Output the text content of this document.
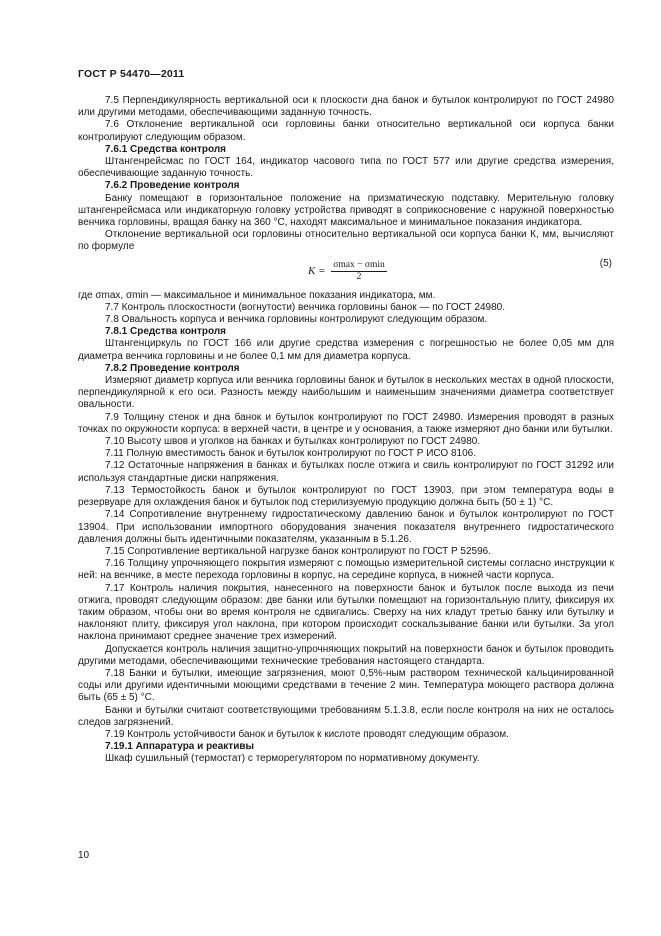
ГОСТ Р 54470—2011

7.5 Перпендикулярность вертикальной оси к плоскости дна банок и бутылок контролируют по ГОСТ 24980 или другими методами, обеспечивающими заданную точность.

7.6 Отклонение вертикальной оси горловины банки относительно вертикальной оси корпуса банки контролируют следующим образом.

7.6.1 Средства контроля

Штангенрейсмас по ГОСТ 164, индикатор часового типа по ГОСТ 577 или другие средства измерения, обеспечивающие заданную точность.

7.6.2 Проведение контроля

Банку помещают в горизонтальное положение на призматическую подставку. Мерительную головку штангенрейсмаса или индикаторную головку устройства приводят в соприкосновение с наружной поверхностью венчика горловины, вращая банку на 360 °С, находят максимальное и минимальное показания индикатора.

Отклонение вертикальной оси горловины относительно вертикальной оси корпуса банки К, мм, вычисляют по формуле

$K = \frac{\sigma\max - \sigma\min}{2}$	(5)

где σmax, σmin — максимальное и минимальное показания индикатора, мм.

7.7 Контроль плоскостности (вогнутости) венчика горловины банок — по ГОСТ 24980.

7.8 Овальность корпуса и венчика горловины контролируют следующим образом.

7.8.1 Средства контроля

Штангенциркуль по ГОСТ 166 или другие средства измерения с погрешностью не более 0,05 мм для диаметра венчика горловины и не более 0,1 мм для диаметра корпуса.

7.8.2 Проведение контроля

Измеряют диаметр корпуса или венчика горловины банок и бутылок в нескольких местах в одной плоскости, перпендикулярной к его оси. Разность между наибольшим и наименьшим значениями диаметра соответствует овальности.

7.9 Толщину стенок и дна банок и бутылок контролируют по ГОСТ 24980. Измерения проводят в разных точках по окружности корпуса: в верхней части, в центре и у основания, а также измеряют дно банки или бутылки.

7.10 Высоту швов и уголков на банках и бутылках контролируют по ГОСТ 24980.

7.11 Полную вместимость банок и бутылок контролируют по ГОСТ Р ИСО 8106.

7.12 Остаточные напряжения в банках и бутылках после отжига и свиль контролируют по ГОСТ 31292 или используя стандартные диски напряжения.

7.13 Термостойкость банок и бутылок контролируют по ГОСТ 13903, при этом температура воды в резервуаре для охлаждения банок и бутылок под стерилизуемую продукцию должна быть (50 ± 1) °С.

7.14 Сопротивление внутреннему гидростатическому давлению банок и бутылок контролируют по ГОСТ 13904. При использовании импортного оборудования значения показателя внутреннего гидростатического давления должны быть идентичными показателям, указанным в 5.1.26.

7.15 Сопротивление вертикальной нагрузке банок контролируют по ГОСТ Р 52596.

7.16 Толщину упрочняющего покрытия измеряют с помощью измерительной системы согласно инструкции к ней: на венчике, в месте перехода горловины в корпус, на середине корпуса, в нижней части корпуса.

7.17 Контроль наличия покрытия, нанесенного на поверхности банок и бутылок после выхода из печи отжига, проводят следующим образом: две банки или бутылки помещают на горизонтальную плиту, фиксируя их таким образом, чтобы они во время контроля не сдвигались. Сверху на них кладут третью банку или бутылку и наклоняют плиту, фиксируя угол наклона, при котором происходит соскальзывание банки или бутылки. За угол наклона принимают среднее значение трех измерений.

Допускается контроль наличия защитно-упрочняющих покрытий на поверхности банок и бутылок проводить другими методами, обеспечивающими технические требования настоящего стандарта.

7.18 Банки и бутылки, имеющие загрязнения, моют 0,5%-ным раствором технической кальцинированной соды или другими идентичными моющими средствами в течение 2 мин. Температура моющего раствора должна быть (65 ± 5) °С.

Банки и бутылки считают соответствующими требованиям 5.1.3.8, если после контроля на них не осталось следов загрязнений.

7.19 Контроль устойчивости банок и бутылок к кислоте проводят следующим образом.

7.19.1 Аппаратура и реактивы

Шкаф сушильный (термостат) с терморегулятором по нормативному документу.

10
